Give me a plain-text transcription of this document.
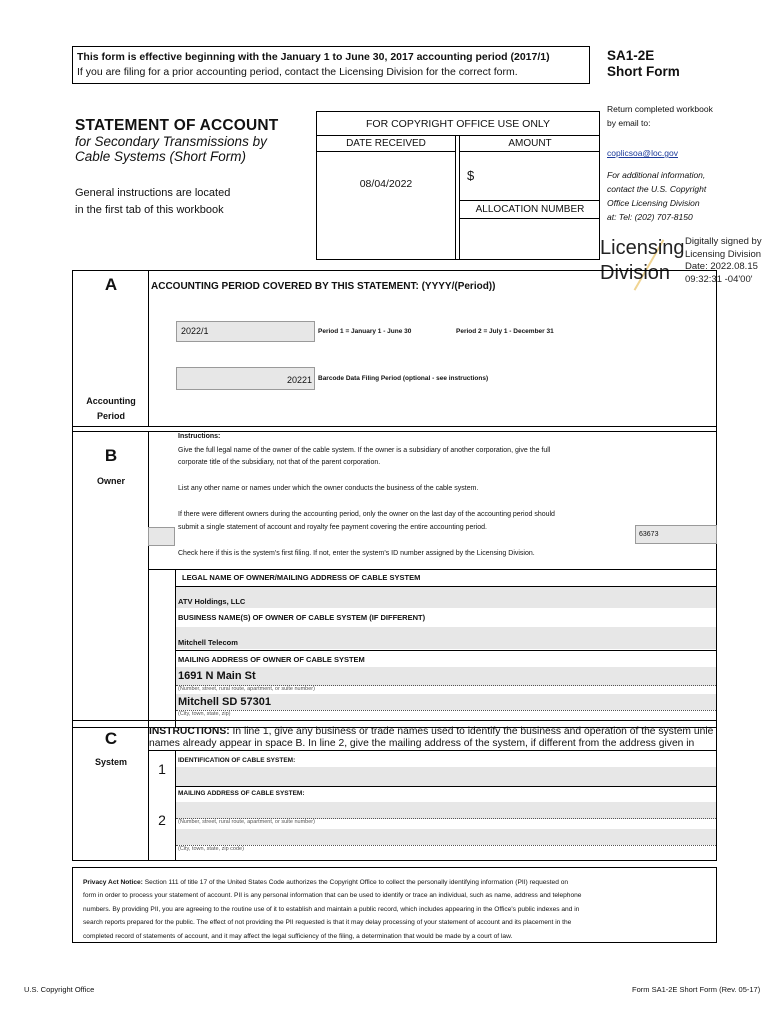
This form is effective beginning with the January 1 to June 30, 2017 accounting period (2017/1)
If you are filing for a prior accounting period, contact the Licensing Division for the correct form.
SA1-2E
Short Form
STATEMENT OF ACCOUNT
for Secondary Transmissions by
Cable Systems (Short Form)
General instructions are located
in the first tab of this workbook
FOR COPYRIGHT OFFICE USE ONLY
DATE RECEIVED	AMOUNT
08/04/2022
$
ALLOCATION NUMBER
Return completed workbook
by email to:
coplicsoa@loc.gov
For additional information,
contact the U.S. Copyright
Office Licensing Division
at: Tel: (202) 707-8150
Licensing
Division
Digitally signed by
Licensing Division
Date: 2022.08.15
09:32:31 -04'00'
A	ACCOUNTING PERIOD COVERED BY THIS STATEMENT: (YYYY/(Period))
2022/1	Period 1 = January 1 - June 30	Period 2 = July 1 - December 31
20221 Barcode Data Filing Period (optional - see instructions)
Accounting
Period
B
Owner
Instructions:
Give the full legal name of the owner of the cable system. If the owner is a subsidiary of another corporation, give the full
corporate title of the subsidiary, not that of the parent corporation.
List any other name or names under which the owner conducts the business of the cable system.
If there were different owners during the accounting period, only the owner on the last day of the accounting period should
submit a single statement of account and royalty fee payment covering the entire accounting period.
63673
Check here if this is the system's first filing. If not, enter the system's ID number assigned by the Licensing Division.
LEGAL NAME OF OWNER/MAILING ADDRESS OF CABLE SYSTEM
ATV Holdings, LLC
BUSINESS NAME(S) OF OWNER OF CABLE SYSTEM (IF DIFFERENT)
Mitchell Telecom
MAILING ADDRESS OF OWNER OF CABLE SYSTEM
1691 N Main St
(Number, street, rural route, apartment, or suite number)
Mitchell SD 57301
(City, town, state, zip)
C
System
INSTRUCTIONS: In line 1, give any business or trade names used to identify the business and operation of the system unle
names already appear in space B. In line 2, give the mailing address of the system, if different from the address given in
1
IDENTIFICATION OF CABLE SYSTEM:
2
MAILING ADDRESS OF CABLE SYSTEM:
(Number, street, rural route, apartment, or suite number)
(City, town, state, zip code)
Privacy Act Notice: Section 111 of title 17 of the United States Code authorizes the Copyright Office to collect the personally identifying information (PII) requested on
form in order to process your statement of account. PII is any personal information that can be used to identify or trace an individual, such as name, address and telephone
numbers. By providing PII, you are agreeing to the routine use of it to establish and maintain a public record, which includes appearing in the Office's public indexes and in
search reports prepared for the public. The effect of not providing the PII requested is that it may delay processing of your statement of account and its placement in the
completed record of statements of account, and it may affect the legal sufficiency of the filing, a determination that would be made by a court of law.
U.S. Copyright Office	Form SA1-2E Short Form (Rev. 05-17)
